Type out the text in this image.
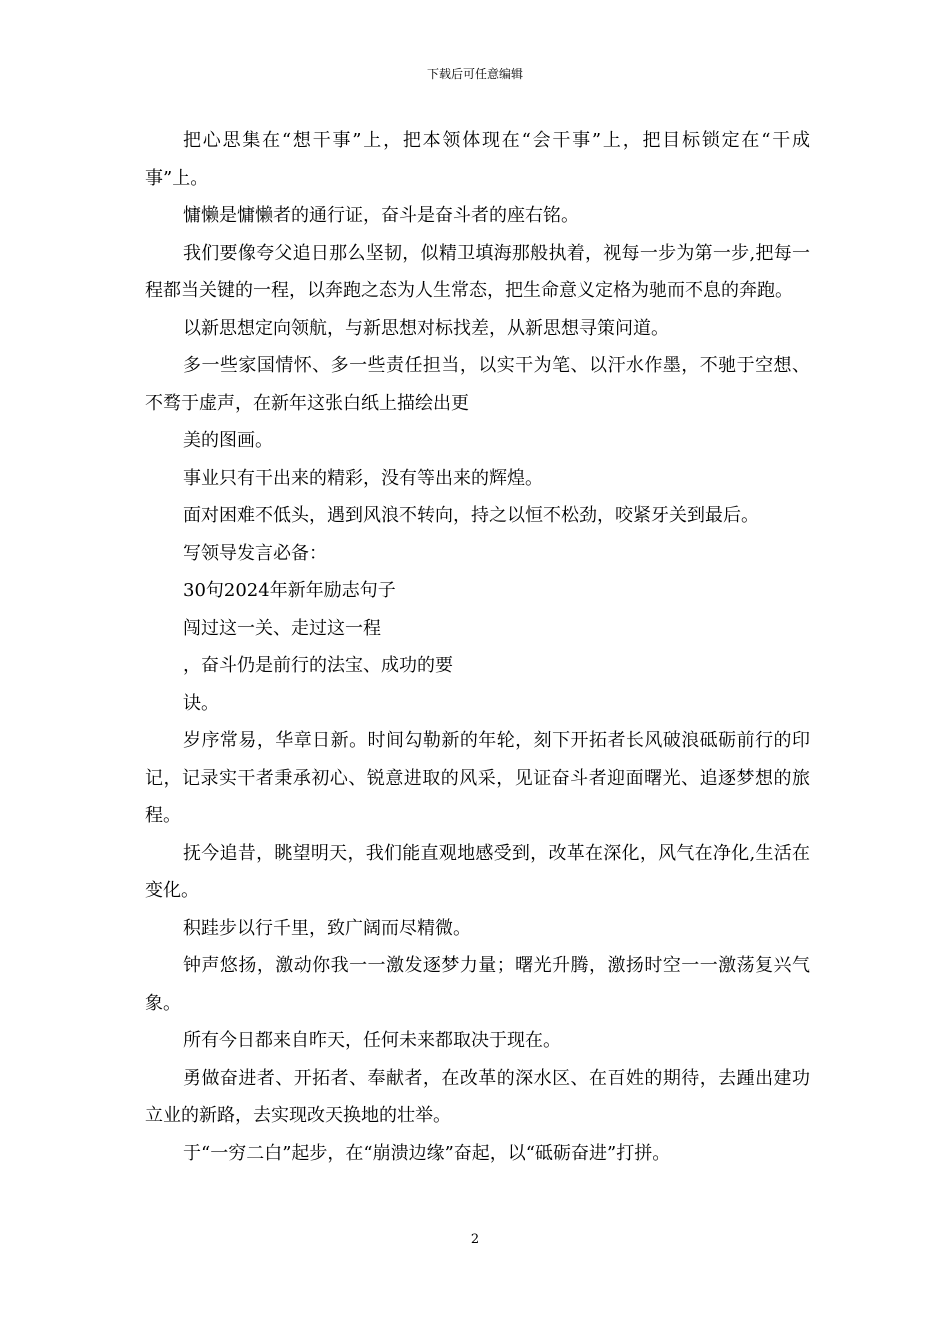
下载后可任意编辑

把心思集在“想干事”上，把本领体现在“会干事”上，把目标锁定在“干成事”上。

慵懒是慵懒者的通行证，奋斗是奋斗者的座右铭。

我们要像夸父追日那么坚韧，似精卫填海那般执着，视每一步为第一步,把每一程都当关键的一程，以奔跑之态为人生常态，把生命意义定格为驰而不息的奔跑。

以新思想定向领航，与新思想对标找差，从新思想寻策问道。

多一些家国情怀、多一些责任担当，以实干为笔、以汗水作墨，不驰于空想、不骛于虚声，在新年这张白纸上描绘出更

美的图画。

事业只有干出来的精彩，没有等出来的辉煌。

面对困难不低头，遇到风浪不转向，持之以恒不松劲，咬紧牙关到最后。

写领导发言必备：

30句2024年新年励志句子

闯过这一关、走过这一程

，奋斗仍是前行的法宝、成功的要

诀。

岁序常易，华章日新。时间勾勒新的年轮，刻下开拓者长风破浪砥砺前行的印记，记录实干者秉承初心、锐意进取的风采，见证奋斗者迎面曙光、追逐梦想的旅程。

抚今追昔，眺望明天，我们能直观地感受到，改革在深化，风气在净化,生活在变化。

积跬步以行千里，致广阔而尽精微。

钟声悠扬，激动你我一一激发逐梦力量；曙光升腾，激扬时空一一激荡复兴气象。

所有今日都来自昨天，任何未来都取决于现在。

勇做奋进者、开拓者、奉献者，在改革的深水区、在百姓的期待，去踵出建功立业的新路，去实现改天换地的壮举。

于“一穷二白”起步，在“崩溃边缘”奋起，以“砥砺奋进”打拼。

2
